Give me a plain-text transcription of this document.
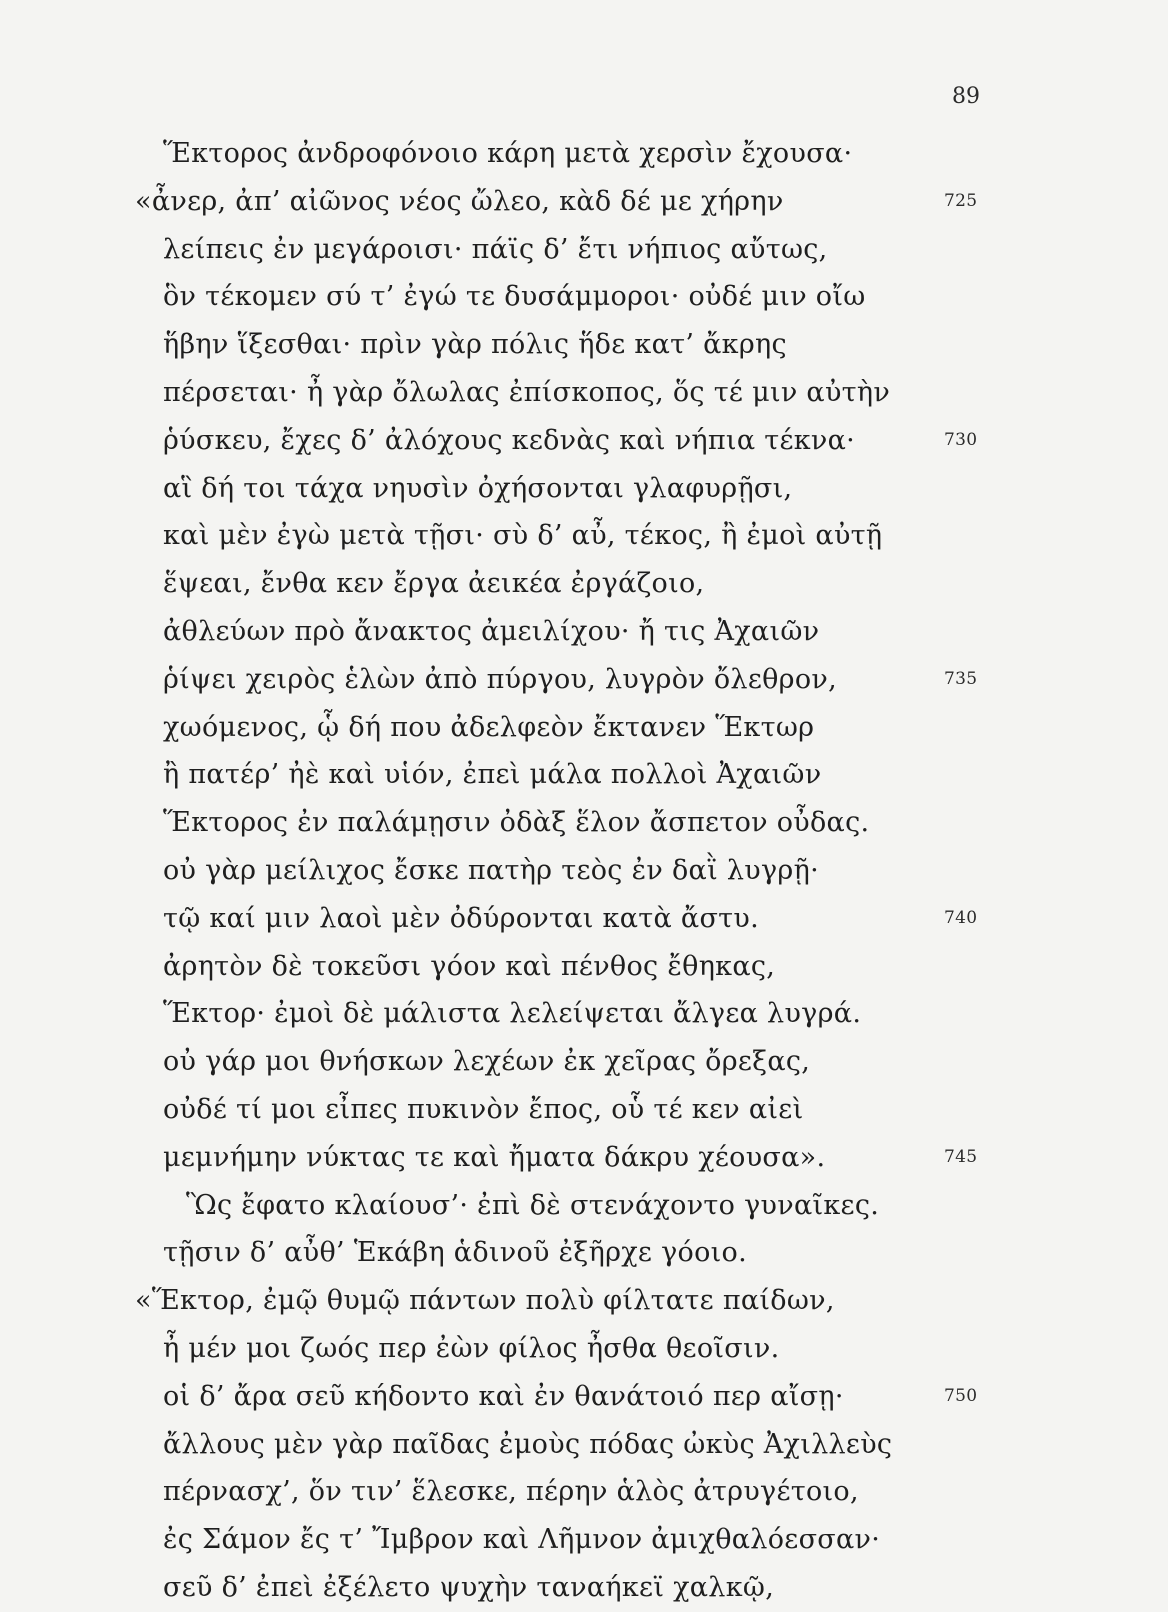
89
Ἕκτορος ἀνδροφόνοιο κάρη μετὰ χερσὶν ἔχουσα·
«ἆνερ, ἀπ’ αἰῶνος νέος ὤλεο, κὰδ δέ με χήρην	725
λείπεις ἐν μεγάροισι· πάϊς δ’ ἔτι νήπιος αὔτως,
ὃν τέκομεν σύ τ’ ἐγώ τε δυσάμμοροι· οὐδέ μιν οἴω
ἥβην ἵξεσθαι· πρὶν γὰρ πόλις ἥδε κατ’ ἄκρης
πέρσεται· ἦ γὰρ ὄλωλας ἐπίσκοπος, ὅς τέ μιν αὐτὴν
ῥύσκευ, ἔχες δ’ ἀλόχους κεδνὰς καὶ νήπια τέκνα·	730
αἳ δή τοι τάχα νηυσὶν ὀχήσονται γλαφυρῇσι,
καὶ μὲν ἐγὼ μετὰ τῇσι· σὺ δ’ αὖ, τέκος, ἢ ἐμοὶ αὐτῇ
ἕψεαι, ἔνθα κεν ἔργα ἀεικέα ἐργάζοιο,
ἀθλεύων πρὸ ἄνακτος ἀμειλίχου· ἤ τις Ἀχαιῶν
ῥίψει χειρὸς ἑλὼν ἀπὸ πύργου, λυγρὸν ὄλεθρον,	735
χωόμενος, ᾧ δή που ἀδελφεὸν ἔκτανεν Ἕκτωρ
ἢ πατέρ’ ἠὲ καὶ υἱόν, ἐπεὶ μάλα πολλοὶ Ἀχαιῶν
Ἕκτορος ἐν παλάμῃσιν ὀδὰξ ἕλον ἄσπετον οὖδας.
οὐ γὰρ μείλιχος ἔσκε πατὴρ τεὸς ἐν δαῒ λυγρῇ·
τῷ καί μιν λαοὶ μὲν ὀδύρονται κατὰ ἄστυ.	740
ἀρητὸν δὲ τοκεῦσι γόον καὶ πένθος ἔθηκας,
Ἕκτορ· ἐμοὶ δὲ μάλιστα λελείψεται ἄλγεα λυγρά.
οὐ γάρ μοι θνήσκων λεχέων ἐκ χεῖρας ὄρεξας,
οὐδέ τί μοι εἶπες πυκινὸν ἔπος, οὗ τέ κεν αἰεὶ
μεμνήμην νύκτας τε καὶ ἤματα δάκρυ χέουσα».	745
Ὣς ἔφατο κλαίουσ’· ἐπὶ δὲ στενάχοντο γυναῖκες.
τῇσιν δ’ αὖθ’ Ἑκάβη ἁδινοῦ ἐξῆρχε γόοιο.
«Ἕκτορ, ἐμῷ θυμῷ πάντων πολὺ φίλτατε παίδων,
ἦ μέν μοι ζωός περ ἐὼν φίλος ἦσθα θεοῖσιν.
οἱ δ’ ἄρα σεῦ κήδοντο καὶ ἐν θανάτοιό περ αἴσῃ·	750
ἄλλους μὲν γὰρ παῖδας ἐμοὺς πόδας ὠκὺς Ἀχιλλεὺς
πέρνασχ’, ὅν τιν’ ἕλεσκε, πέρην ἁλὸς ἀτρυγέτοιο,
ἐς Σάμον ἔς τ’ Ἴμβρον καὶ Λῆμνον ἀμιχθαλόεσσαν·
σεῦ δ’ ἐπεὶ ἐξέλετο ψυχὴν ταναήκεϊ χαλκῷ,
